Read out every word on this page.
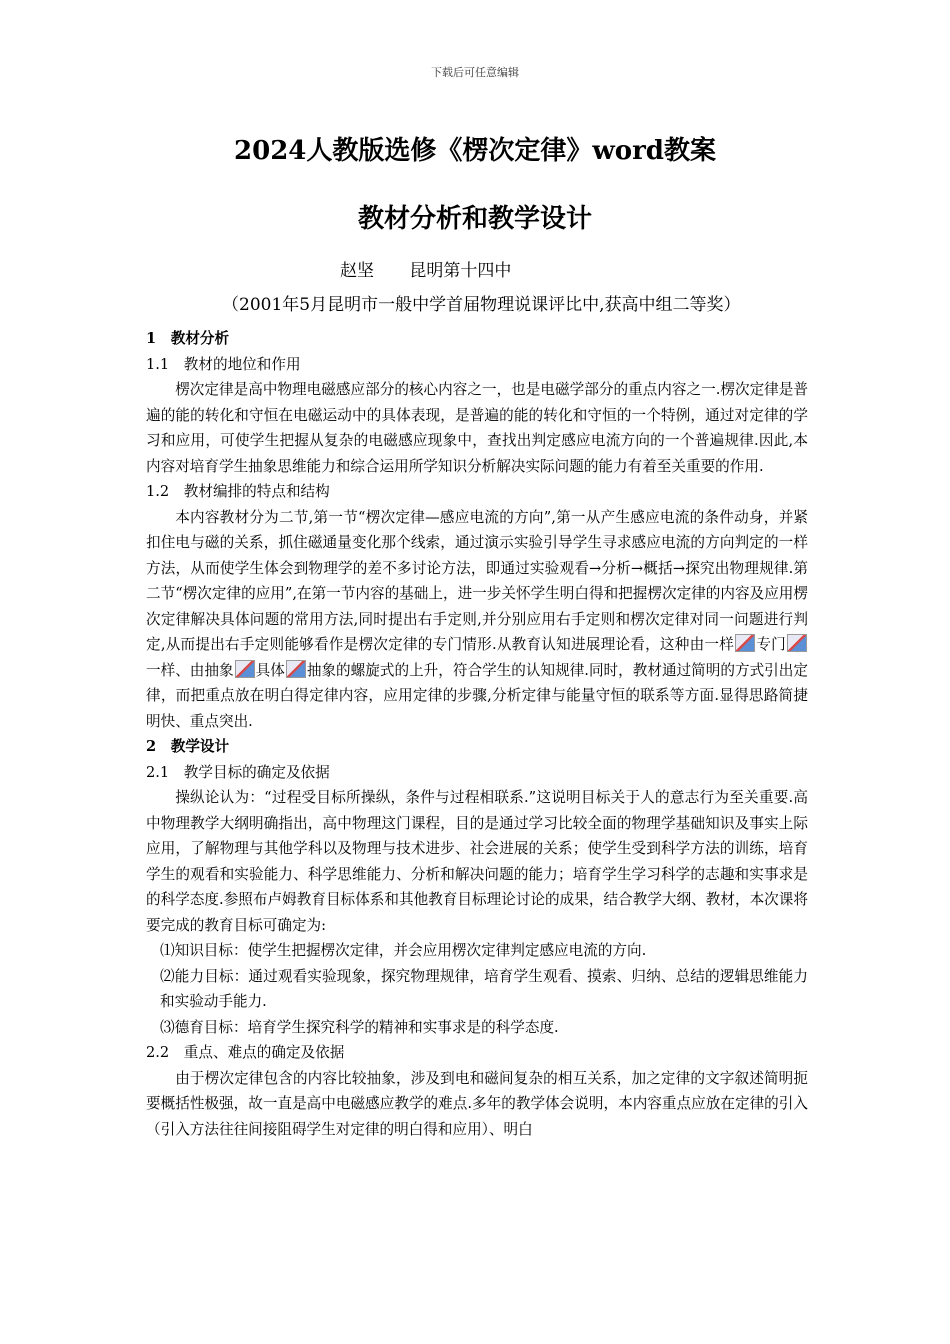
下载后可任意编辑
2024人教版选修《楞次定律》word教案
教材分析和教学设计
赵坚 昆明第十四中
（2001年5月昆明市一般中学首届物理说课评比中,获高中组二等奖）

1　教材分析

1.1　教材的地位和作用

楞次定律是高中物理电磁感应部分的核心内容之一，也是电磁学部分的重点内容之一.楞次定律是普遍的能的转化和守恒在电磁运动中的具体表现，是普遍的能的转化和守恒的一个特例，通过对定律的学习和应用，可使学生把握从复杂的电磁感应现象中，查找出判定感应电流方向的一个普遍规律.因此,本内容对培育学生抽象思维能力和综合运用所学知识分析解决实际问题的能力有着至关重要的作用.

1.2　教材编排的特点和结构

本内容教材分为二节,第一节“楞次定律—感应电流的方向”,第一从产生感应电流的条件动身，并紧扣住电与磁的关系，抓住磁通量变化那个线索，通过演示实验引导学生寻求感应电流的方向判定的一样方法，从而使学生体会到物理学的差不多讨论方法，即通过实验观看→分析→概括→探究出物理规律.第二节“楞次定律的应用”,在第一节内容的基础上，进一步关怀学生明白得和把握楞次定律的内容及应用楞次定律解决具体问题的常用方法,同时提出右手定则,并分别应用右手定则和楞次定律对同一问题进行判定,从而提出右手定则能够看作是楞次定律的专门情形.从教育认知进展理论看，这种由一样 专门一样、由抽象 具体 抽象的螺旋式的上升，符合学生的认知规律.同时，教材通过简明的方式引出定律，而把重点放在明白得定律内容，应用定律的步骤,分析定律与能量守恒的联系等方面.显得思路简捷明快、重点突出.

2　教学设计

2.1　教学目标的确定及依据

操纵论认为：“过程受目标所操纵，条件与过程相联系.”这说明目标关于人的意志行为至关重要.高中物理教学大纲明确指出，高中物理这门课程，目的是通过学习比较全面的物理学基础知识及事实上际应用，了解物理与其他学科以及物理与技术进步、社会进展的关系；使学生受到科学方法的训练，培育学生的观看和实验能力、科学思维能力、分析和解决问题的能力；培育学生学习科学的志趣和实事求是的科学态度.参照布卢姆教育目标体系和其他教育目标理论讨论的成果，结合教学大纲、教材，本次课将要完成的教育目标可确定为:

⑴知识目标：使学生把握楞次定律，并会应用楞次定律判定感应电流的方向.

⑵能力目标：通过观看实验现象，探究物理规律，培育学生观看、摸索、归纳、总结的逻辑思维能力和实验动手能力.

⑶德育目标：培育学生探究科学的精神和实事求是的科学态度.

2.2　重点、难点的确定及依据

由于楞次定律包含的内容比较抽象，涉及到电和磁间复杂的相互关系，加之定律的文字叙述简明扼要概括性极强，故一直是高中电磁感应教学的难点.多年的教学体会说明，本内容重点应放在定律的引入（引入方法往往间接阻碍学生对定律的明白得和应用）、明白
